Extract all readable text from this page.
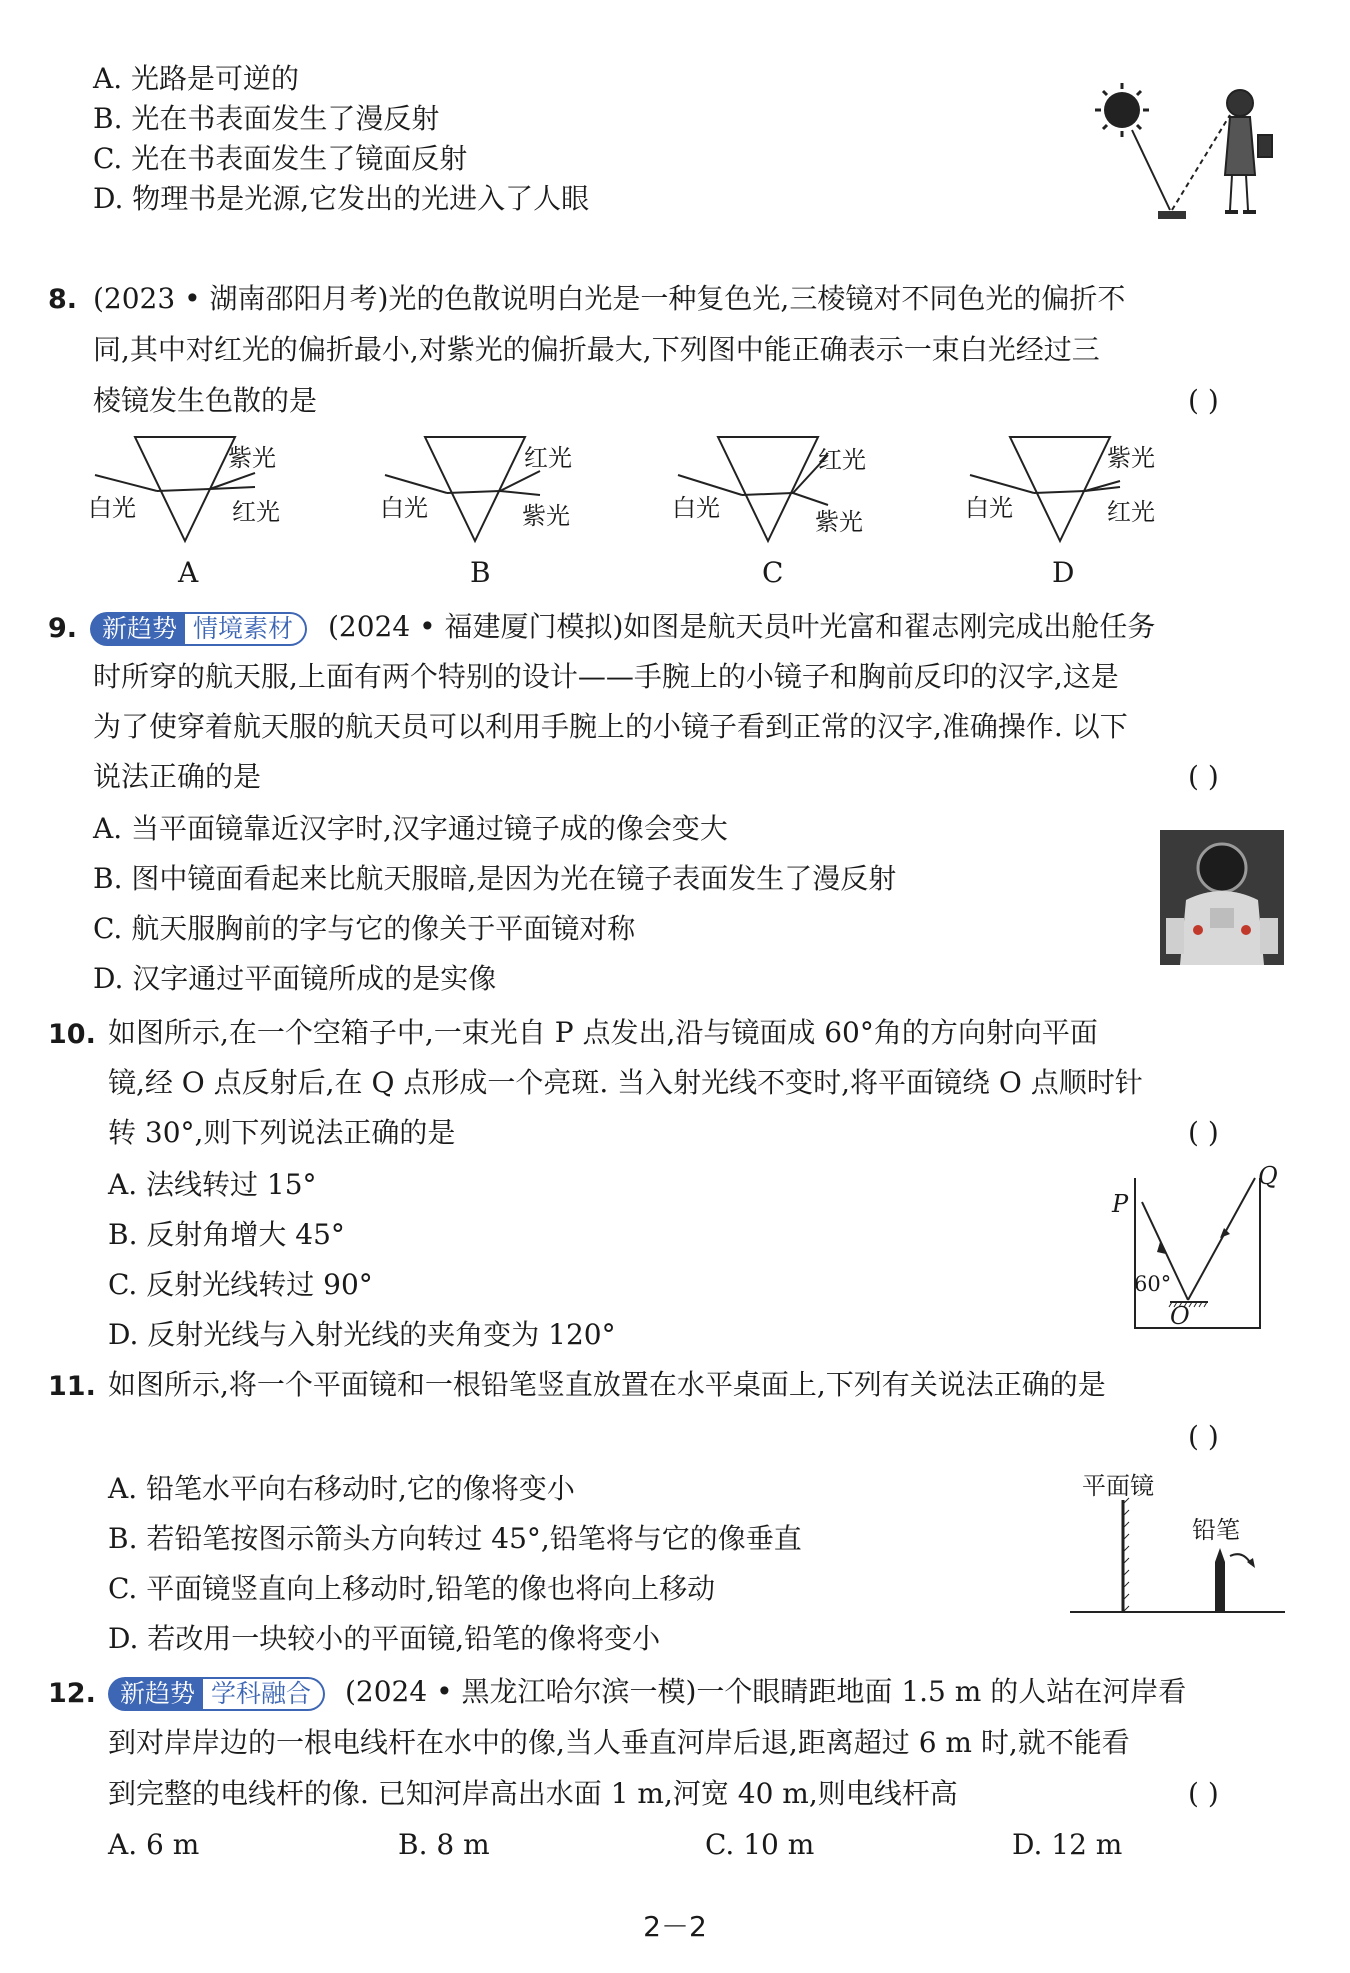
A. 光路是可逆的
B. 光在书表面发生了漫反射
C. 光在书表面发生了镜面反射
D. 物理书是光源,它发出的光进入了人眼
8. (2023 • 湖南邵阳月考)光的色散说明白光是一种复色光,三棱镜对不同色光的偏折不
同,其中对红光的偏折最小,对紫光的偏折最大,下列图中能正确表示一束白光经过三
棱镜发生色散的是	( )
紫光
红光
白光
A
红光
紫光
白光
B
红光
紫光
白光
C
紫光
红光
白光
D
9. 新趋势 情境素材	(2024 • 福建厦门模拟)如图是航天员叶光富和翟志刚完成出舱任务
时所穿的航天服,上面有两个特别的设计——手腕上的小镜子和胸前反印的汉字,这是
为了使穿着航天服的航天员可以利用手腕上的小镜子看到正常的汉字,准确操作. 以下
说法正确的是	( )
A. 当平面镜靠近汉字时,汉字通过镜子成的像会变大
B. 图中镜面看起来比航天服暗,是因为光在镜子表面发生了漫反射
C. 航天服胸前的字与它的像关于平面镜对称
D. 汉字通过平面镜所成的是实像
10. 如图所示,在一个空箱子中,一束光自 P 点发出,沿与镜面成 60°角的方向射向平面
镜,经 O 点反射后,在 Q 点形成一个亮斑. 当入射光线不变时,将平面镜绕 O 点顺时针
转 30°,则下列说法正确的是	( )
A. 法线转过 15°
B. 反射角增大 45°
C. 反射光线转过 90°
D. 反射光线与入射光线的夹角变为 120°
P
Q
O
60°
11. 如图所示,将一个平面镜和一根铅笔竖直放置在水平桌面上,下列有关说法正确的是
( )
A. 铅笔水平向右移动时,它的像将变小
B. 若铅笔按图示箭头方向转过 45°,铅笔将与它的像垂直
C. 平面镜竖直向上移动时,铅笔的像也将向上移动
D. 若改用一块较小的平面镜,铅笔的像将变小
平面镜
铅笔
12. 新趋势 学科融合	(2024 • 黑龙江哈尔滨一模)一个眼睛距地面 1.5 m 的人站在河岸看
到对岸岸边的一根电线杆在水中的像,当人垂直河岸后退,距离超过 6 m 时,就不能看
到完整的电线杆的像. 已知河岸高出水面 1 m,河宽 40 m,则电线杆高	( )
A. 6 m	B. 8 m	C. 10 m	D. 12 m
2－2
